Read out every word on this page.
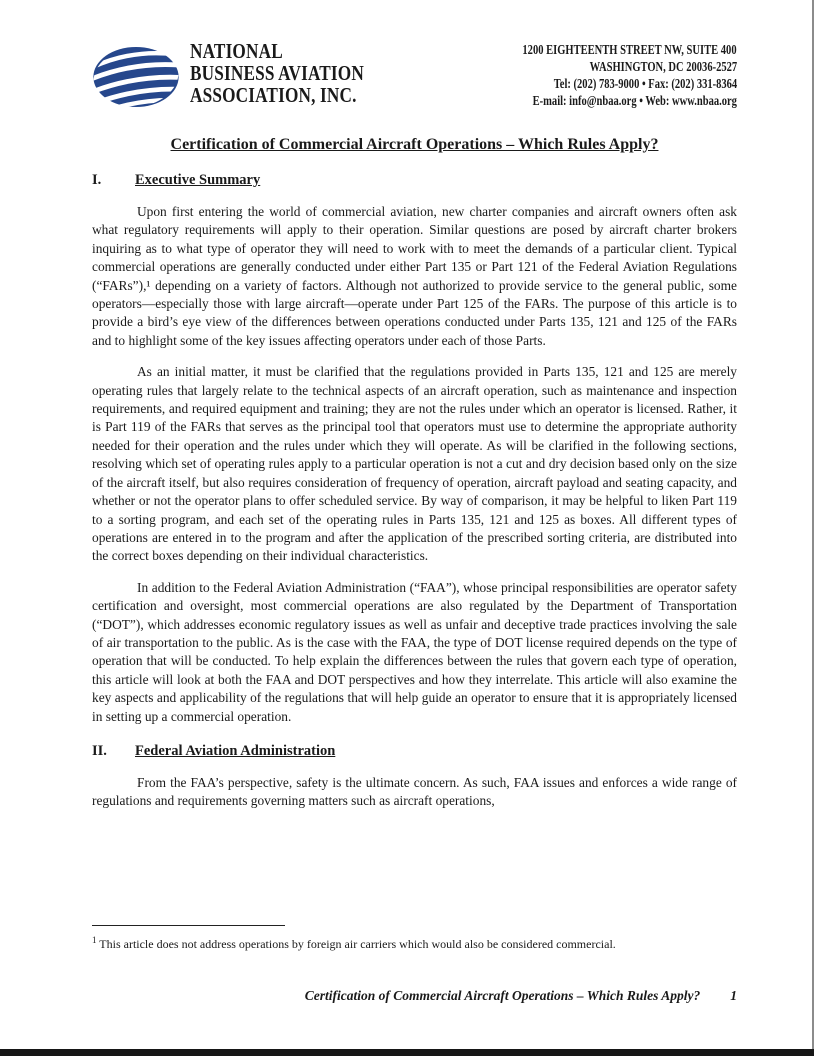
NATIONAL
BUSINESS AVIATION
ASSOCIATION, INC.
1200 EIGHTEENTH STREET NW, SUITE 400
WASHINGTON, DC 20036-2527
Tel: (202) 783-9000 • Fax: (202) 331-8364
E-mail: info@nbaa.org • Web: www.nbaa.org
Certification of Commercial Aircraft Operations – Which Rules Apply?
I.	Executive Summary

Upon first entering the world of commercial aviation, new charter companies and aircraft owners often ask what regulatory requirements will apply to their operation. Similar questions are posed by aircraft charter brokers inquiring as to what type of operator they will need to work with to meet the demands of a particular client. Typical commercial operations are generally conducted under either Part 135 or Part 121 of the Federal Aviation Regulations (“FARs”),¹ depending on a variety of factors. Although not authorized to provide service to the general public, some operators—especially those with large aircraft—operate under Part 125 of the FARs. The purpose of this article is to provide a bird’s eye view of the differences between operations conducted under Parts 135, 121 and 125 of the FARs and to highlight some of the key issues affecting operators under each of those Parts.

As an initial matter, it must be clarified that the regulations provided in Parts 135, 121 and 125 are merely operating rules that largely relate to the technical aspects of an aircraft operation, such as maintenance and inspection requirements, and required equipment and training; they are not the rules under which an operator is licensed. Rather, it is Part 119 of the FARs that serves as the principal tool that operators must use to determine the appropriate authority needed for their operation and the rules under which they will operate. As will be clarified in the following sections, resolving which set of operating rules apply to a particular operation is not a cut and dry decision based only on the size of the aircraft itself, but also requires consideration of frequency of operation, aircraft payload and seating capacity, and whether or not the operator plans to offer scheduled service. By way of comparison, it may be helpful to liken Part 119 to a sorting program, and each set of the operating rules in Parts 135, 121 and 125 as boxes. All different types of operations are entered in to the program and after the application of the prescribed sorting criteria, are distributed into the correct boxes depending on their individual characteristics.

In addition to the Federal Aviation Administration (“FAA”), whose principal responsibilities are operator safety certification and oversight, most commercial operations are also regulated by the Department of Transportation (“DOT”), which addresses economic regulatory issues as well as unfair and deceptive trade practices involving the sale of air transportation to the public. As is the case with the FAA, the type of DOT license required depends on the type of operation that will be conducted. To help explain the differences between the rules that govern each type of operation, this article will look at both the FAA and DOT perspectives and how they interrelate. This article will also examine the key aspects and applicability of the regulations that will help guide an operator to ensure that it is appropriately licensed in setting up a commercial operation.

II.	Federal Aviation Administration

From the FAA’s perspective, safety is the ultimate concern. As such, FAA issues and enforces a wide range of regulations and requirements governing matters such as aircraft operations,

$^1$ This article does not address operations by foreign air carriers which would also be considered commercial.
Certification of Commercial Aircraft Operations – Which Rules Apply? 1
